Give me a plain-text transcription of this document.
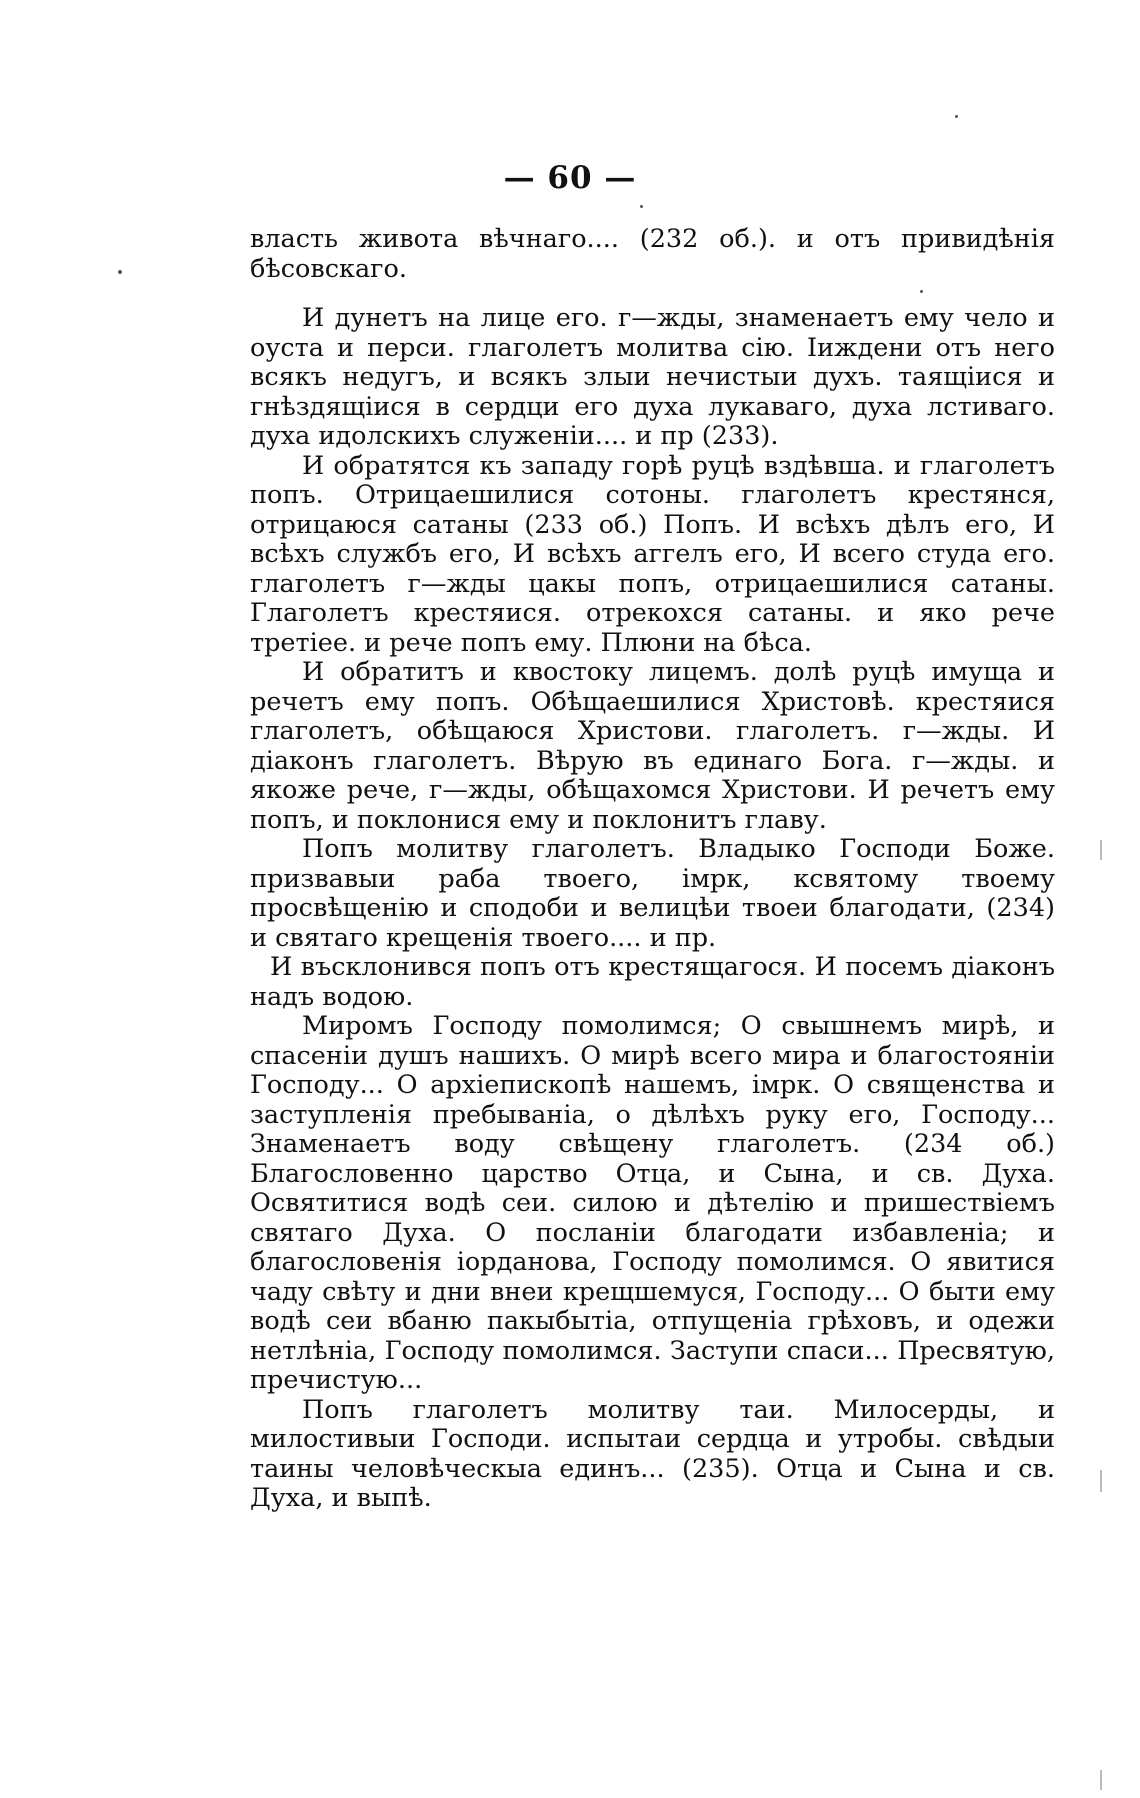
— 60 —

власть живота вѣчнаго.... (232 об.). и отъ привидѣнія бѣсовскаго.

И дунетъ на лице его. г—жды, знаменаетъ ему чело и оуста и перси. глаголетъ молитва сію. Іиждени отъ него всякъ недугъ, и всякъ злыи нечистыи духъ. таящіися и гнѣздящіися в сердци его духа лукаваго, духа лстиваго. духа идолскихъ служеніи.... и пр (233).

И обратятся къ западу горѣ руцѣ вздѣвша. и глаголетъ попъ. Отрицаешилися сотоны. глаголетъ крестянся, отрицаюся сатаны (233 об.) Попъ. И всѣхъ дѣлъ его, И всѣхъ службъ его, И всѣхъ аггелъ его, И всего студа его. глаголетъ г—жды цакы попъ, отрицаешилися сатаны. Глаголетъ крестяися. отрекохся сатаны. и яко рече третіее. и рече попъ ему. Плюни на бѣса.

И обратитъ и квостоку лицемъ. долѣ руцѣ имуща и речетъ ему попъ. Обѣщаешилися Христовѣ. крестяися глаголетъ, обѣщаюся Христови. глаголетъ. г—жды. И діаконъ глаголетъ. Вѣрую въ единаго Бога. г—жды. и якоже рече, г—жды, обѣщахомся Христови. И речетъ ему попъ, и поклонися ему и поклонитъ главу.

Попъ молитву глаголетъ. Владыко Господи Боже. призвавыи раба твоего, імрк, ксвятому твоему просвѣщенію и сподоби и велицѣи твоеи благодати, (234) и святаго крещенія твоего.... и пр.

И въсклонився попъ отъ крестящагося. И посемъ діаконъ надъ водою.

Миромъ Господу помолимся; О свышнемъ мирѣ, и спасеніи душъ нашихъ. О мирѣ всего мира и благостояніи Господу... О архіепископѣ нашемъ, імрк. О священства и заступленія пребываніа, о дѣлѣхъ руку его, Господу... Знаменаетъ воду свѣщену глаголетъ. (234 об.) Благословенно царство Отца, и Сына, и св. Духа. Освятитися водѣ сеи. силою и дѣтелію и пришествіемъ святаго Духа. О посланіи благодати избавленіа; и благословенія іорданова, Господу помолимся. О явитися чаду свѣту и дни внеи крещшемуся, Господу... О быти ему водѣ сеи вбаню пакыбытіа, отпущеніа грѣховъ, и одежи нетлѣніа, Господу помолимся. Заступи спаси... Пресвятую, пречистую...

Попъ глаголетъ молитву таи. Милосерды, и милостивыи Господи. испытаи сердца и утробы. свѣдыи таины человѣческыа единъ... (235). Отца и Сына и св. Духа, и выпѣ.
